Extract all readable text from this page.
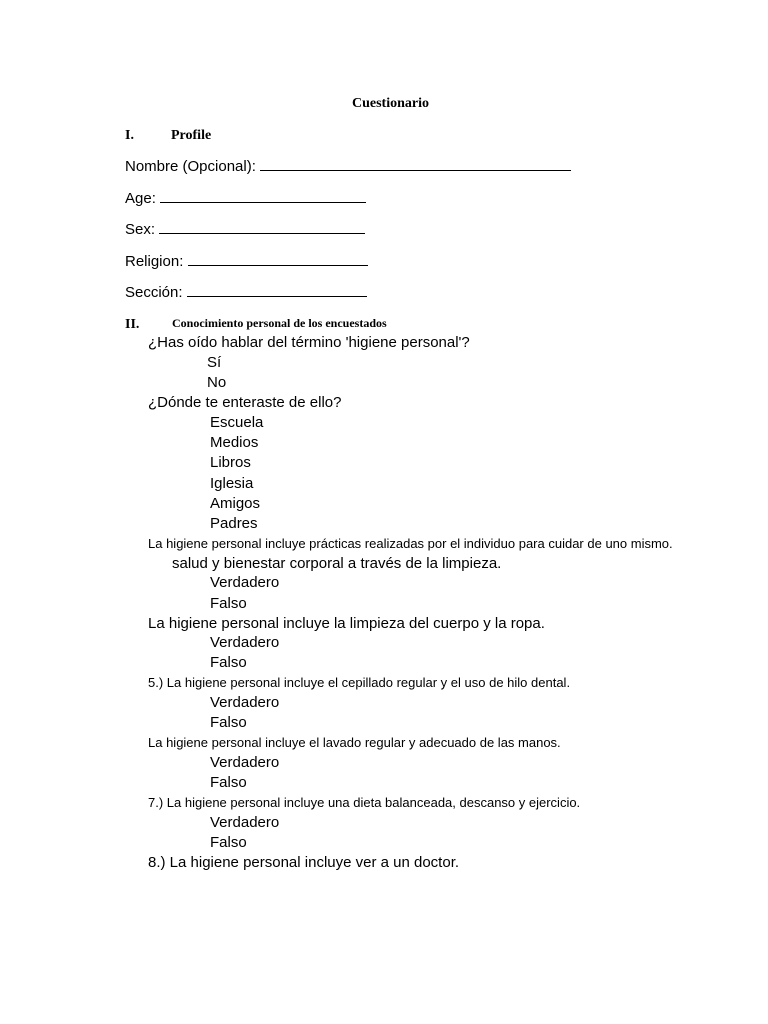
Cuestionario
I.	Profile
Nombre (Opcional):
Age:
Sex:
Religion:
Sección:
II.	Conocimiento personal de los encuestados
¿Has oído hablar del término 'higiene personal'?
Sí
No
¿Dónde te enteraste de ello?
Escuela
Medios
Libros
Iglesia
Amigos
Padres
La higiene personal incluye prácticas realizadas por el individuo para cuidar de uno mismo.
salud y bienestar corporal a través de la limpieza.
Verdadero
Falso
La higiene personal incluye la limpieza del cuerpo y la ropa.
Verdadero
Falso
5.) La higiene personal incluye el cepillado regular y el uso de hilo dental.
Verdadero
Falso
La higiene personal incluye el lavado regular y adecuado de las manos.
Verdadero
Falso
7.) La higiene personal incluye una dieta balanceada, descanso y ejercicio.
Verdadero
Falso
8.) La higiene personal incluye ver a un doctor.
